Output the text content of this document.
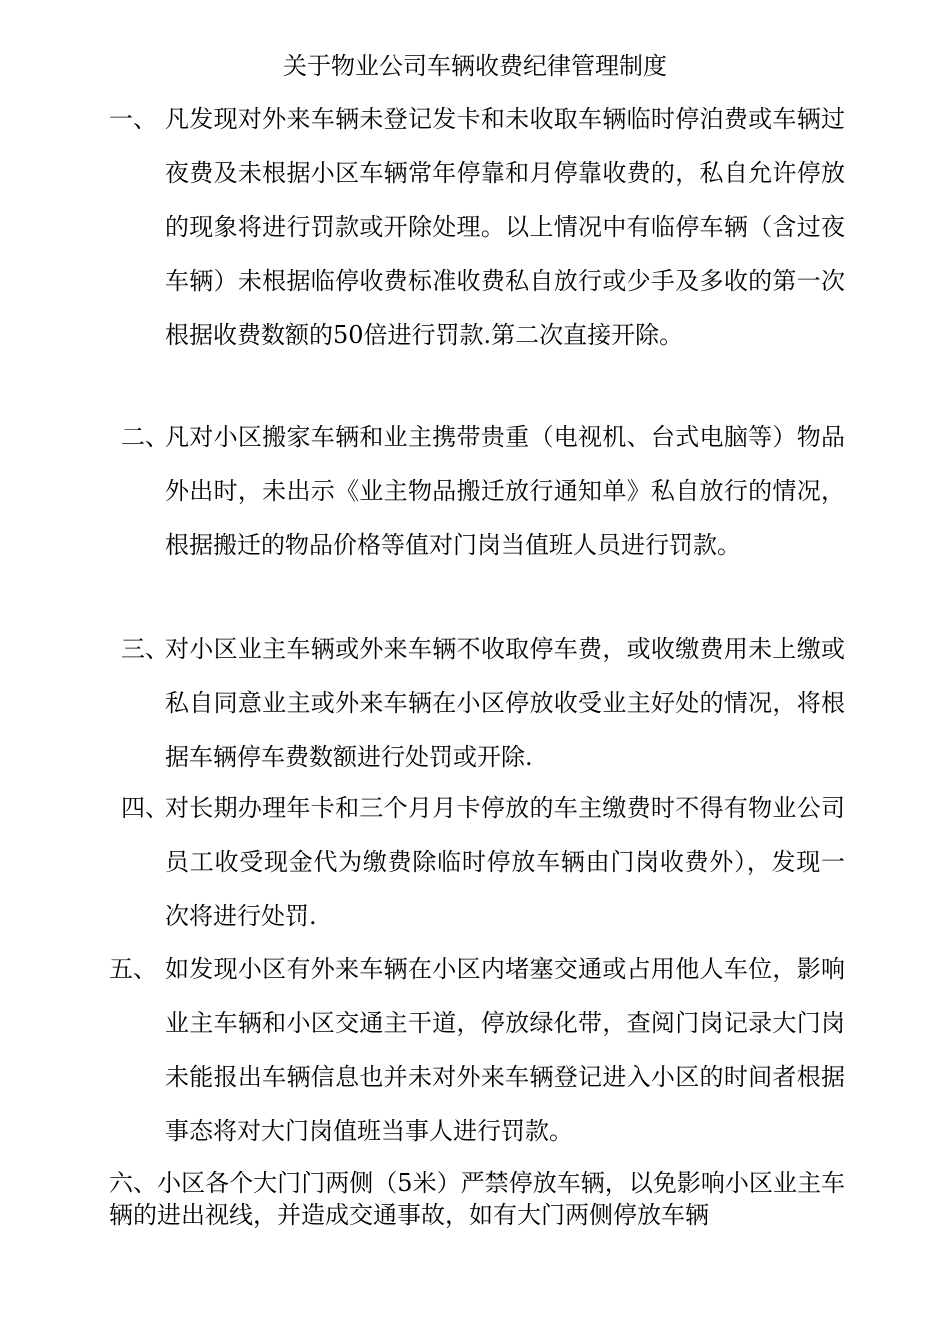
关于物业公司车辆收费纪律管理制度
一、 凡发现对外来车辆未登记发卡和未收取车辆临时停泊费或车辆过夜费及未根据小区车辆常年停靠和月停靠收费的，私自允许停放的现象将进行罚款或开除处理。以上情况中有临停车辆（含过夜车辆）未根据临停收费标准收费私自放行或少手及多收的第一次根据收费数额的50倍进行罚款.第二次直接开除。
二、
凡对小区搬家车辆和业主携带贵重（电视机、台式电脑等）物品外出时，未出示《业主物品搬迁放行通知单》私自放行的情况，根据搬迁的物品价格等值对门岗当值班人员进行罚款。
三、
对小区业主车辆或外来车辆不收取停车费，或收缴费用未上缴或私自同意业主或外来车辆在小区停放收受业主好处的情况，将根据车辆停车费数额进行处罚或开除.
四、
对长期办理年卡和三个月月卡停放的车主缴费时不得有物业公司员工收受现金代为缴费除临时停放车辆由门岗收费外），发现一次将进行处罚.
五、 如发现小区有外来车辆在小区内堵塞交通或占用他人车位，影响业主车辆和小区交通主干道，停放绿化带，查阅门岗记录大门岗未能报出车辆信息也并未对外来车辆登记进入小区的时间者根据事态将对大门岗值班当事人进行罚款。
六、小区各个大门门两侧（5米）严禁停放车辆，以免影响小区业主车辆的进出视线，并造成交通事故，如有大门两侧停放车辆
